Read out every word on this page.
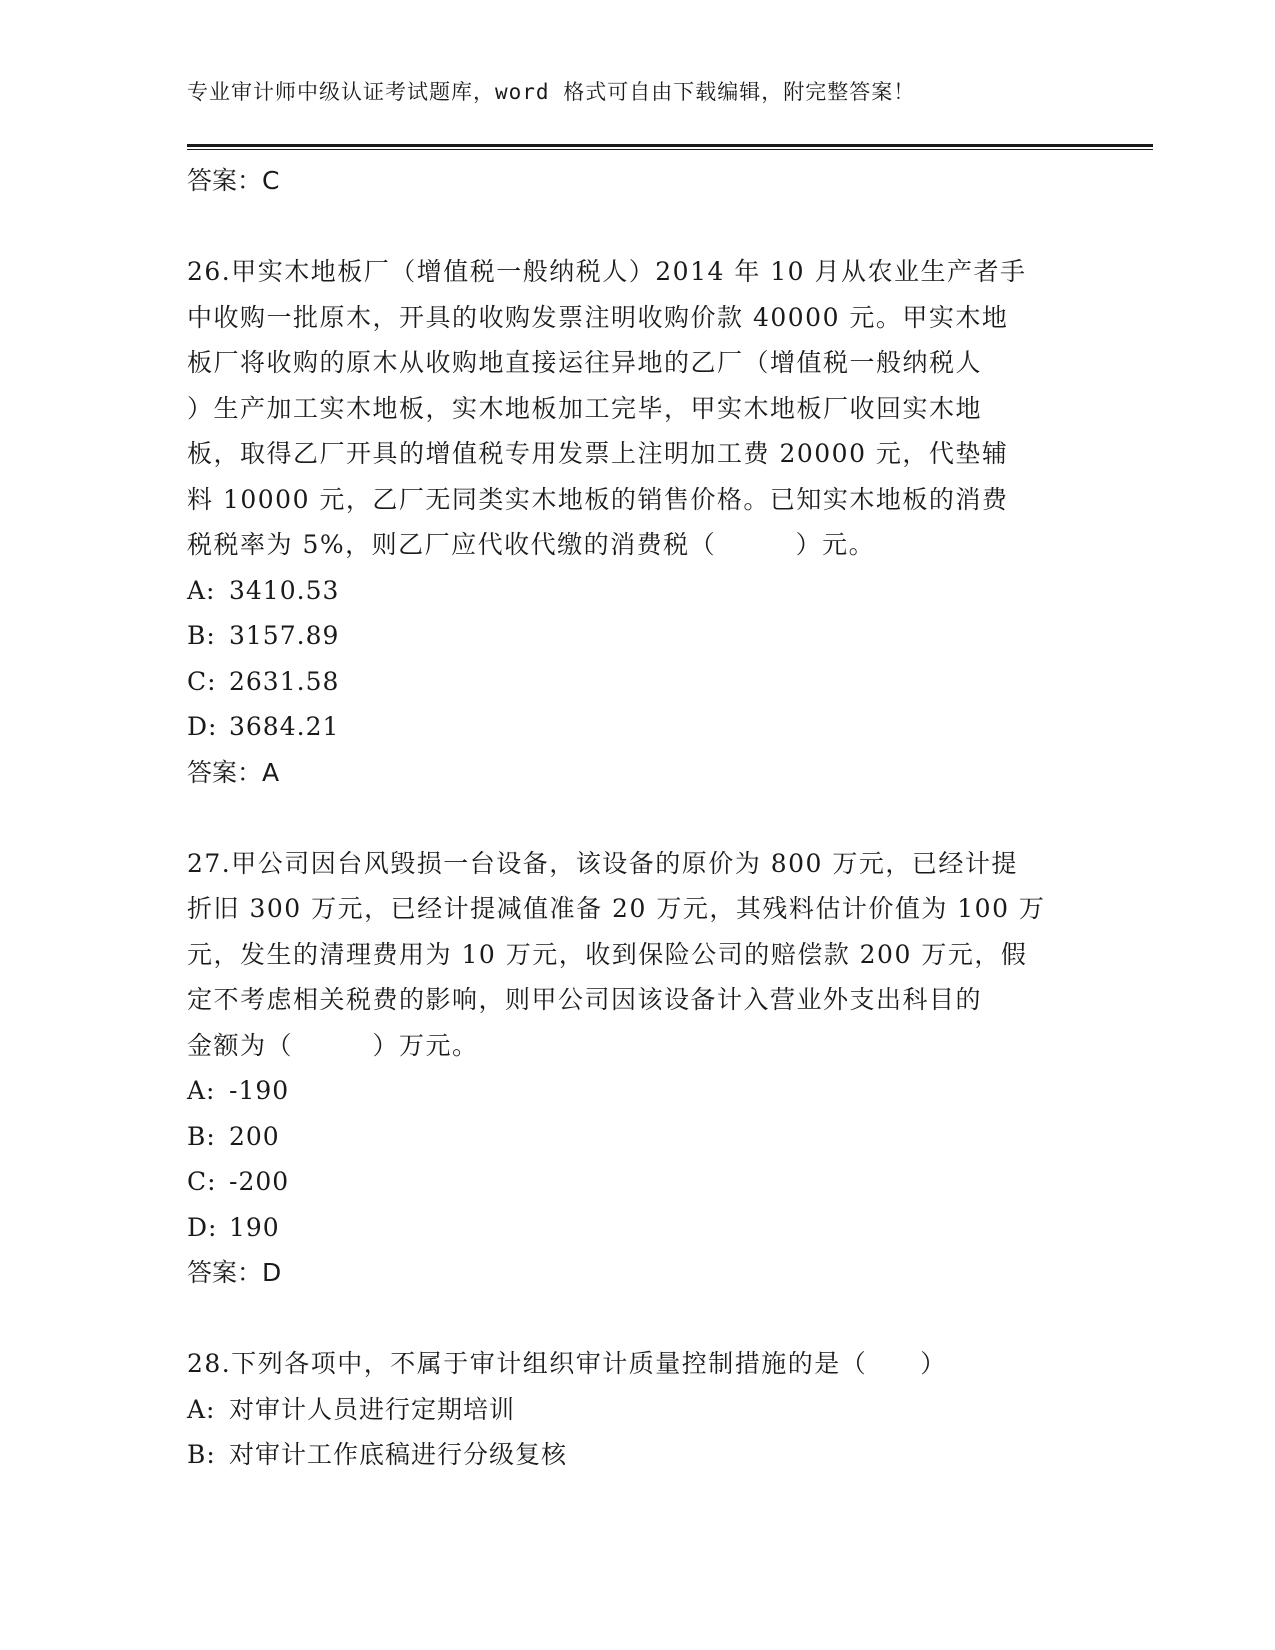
专业审计师中级认证考试题库，word 格式可自由下载编辑，附完整答案！
答案：C
26.甲实木地板厂（增值税一般纳税人）2014 年 10 月从农业生产者手
中收购一批原木，开具的收购发票注明收购价款 40000 元。甲实木地
板厂将收购的原木从收购地直接运往异地的乙厂（增值税一般纳税人
）生产加工实木地板，实木地板加工完毕，甲实木地板厂收回实木地
板，取得乙厂开具的增值税专用发票上注明加工费 20000 元，代垫辅
料 10000 元，乙厂无同类实木地板的销售价格。已知实木地板的消费
税税率为 5%，则乙厂应代收代缴的消费税（　　　）元。
A: 3410.53
B: 3157.89
C: 2631.58
D: 3684.21
答案：A
27.甲公司因台风毁损一台设备，该设备的原价为 800 万元，已经计提
折旧 300 万元，已经计提减值准备 20 万元，其残料估计价值为 100 万
元，发生的清理费用为 10 万元，收到保险公司的赔偿款 200 万元，假
定不考虑相关税费的影响，则甲公司因该设备计入营业外支出科目的
金额为（　　　）万元。
A: -190
B: 200
C: -200
D: 190
答案：D
28.下列各项中，不属于审计组织审计质量控制措施的是（　　）
A: 对审计人员进行定期培训
B: 对审计工作底稿进行分级复核
